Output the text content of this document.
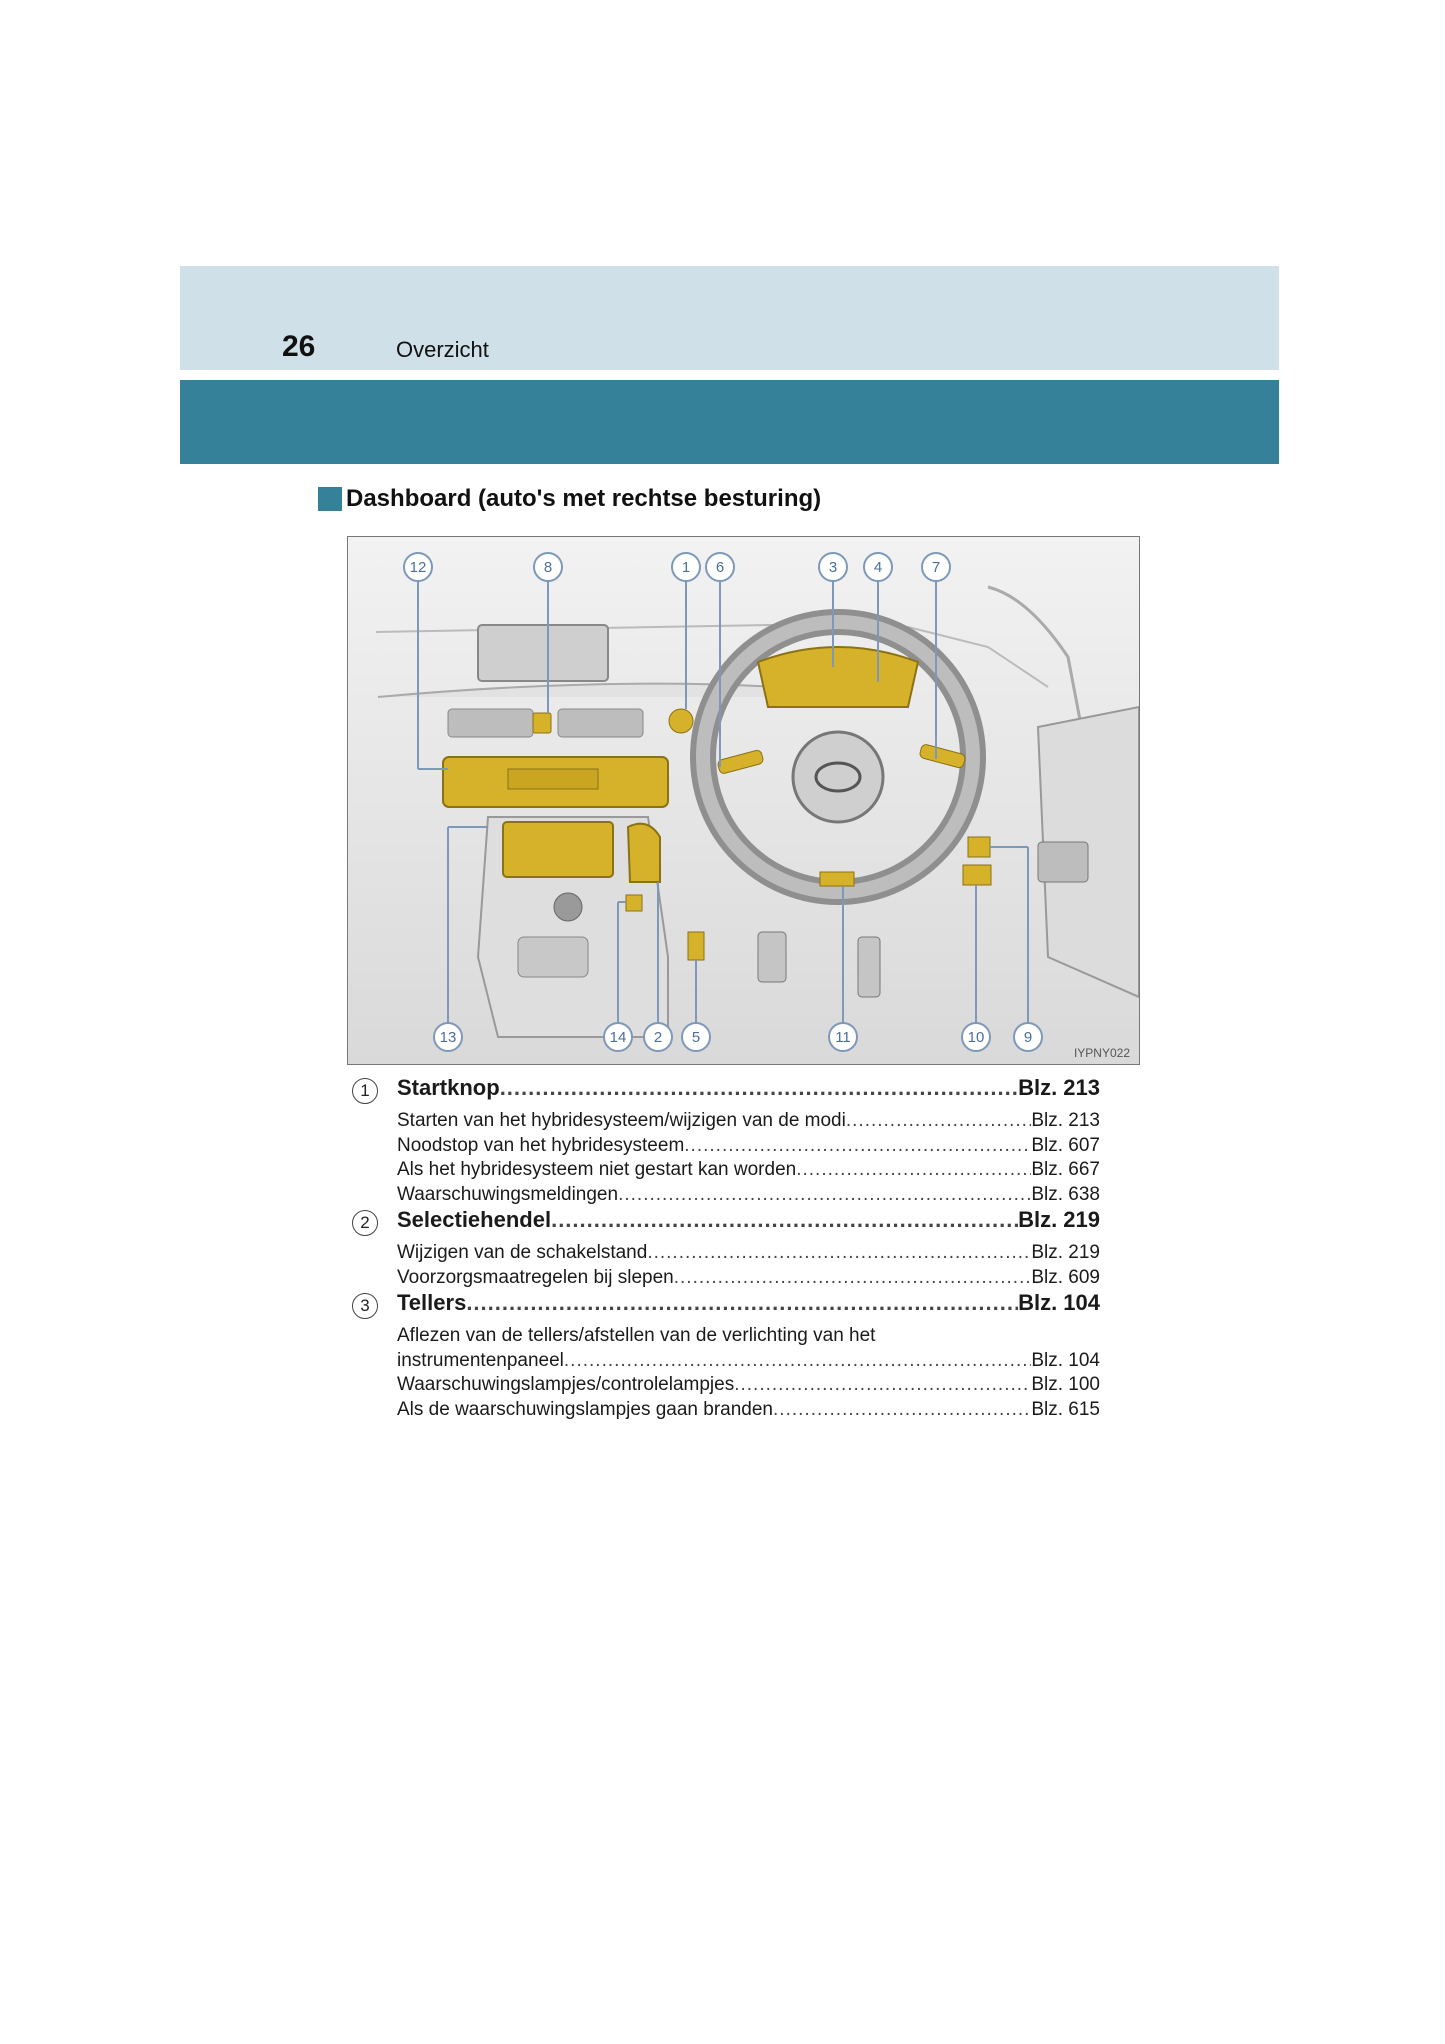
26	Overzicht
Dashboard (auto's met rechtse besturing)
12	8	1 6	3 4	7
13	14 2 5	11	10	9
IYPNY022
1	Startknop .....	Blz. 213
Starten van het hybridesysteem/wijzigen van de modi .....	Blz. 213
Noodstop van het hybridesysteem .....	Blz. 607
Als het hybridesysteem niet gestart kan worden .....	Blz. 667
Waarschuwingsmeldingen .....	Blz. 638
2	Selectiehendel .....	Blz. 219
Wijzigen van de schakelstand .....	Blz. 219
Voorzorgsmaatregelen bij slepen .....	Blz. 609
3	Tellers .....	Blz. 104
Aflezen van de tellers/afstellen van de verlichting van het
instrumentenpaneel .....	Blz. 104
Waarschuwingslampjes/controlelampjes .....	Blz. 100
Als de waarschuwingslampjes gaan branden .....	Blz. 615
